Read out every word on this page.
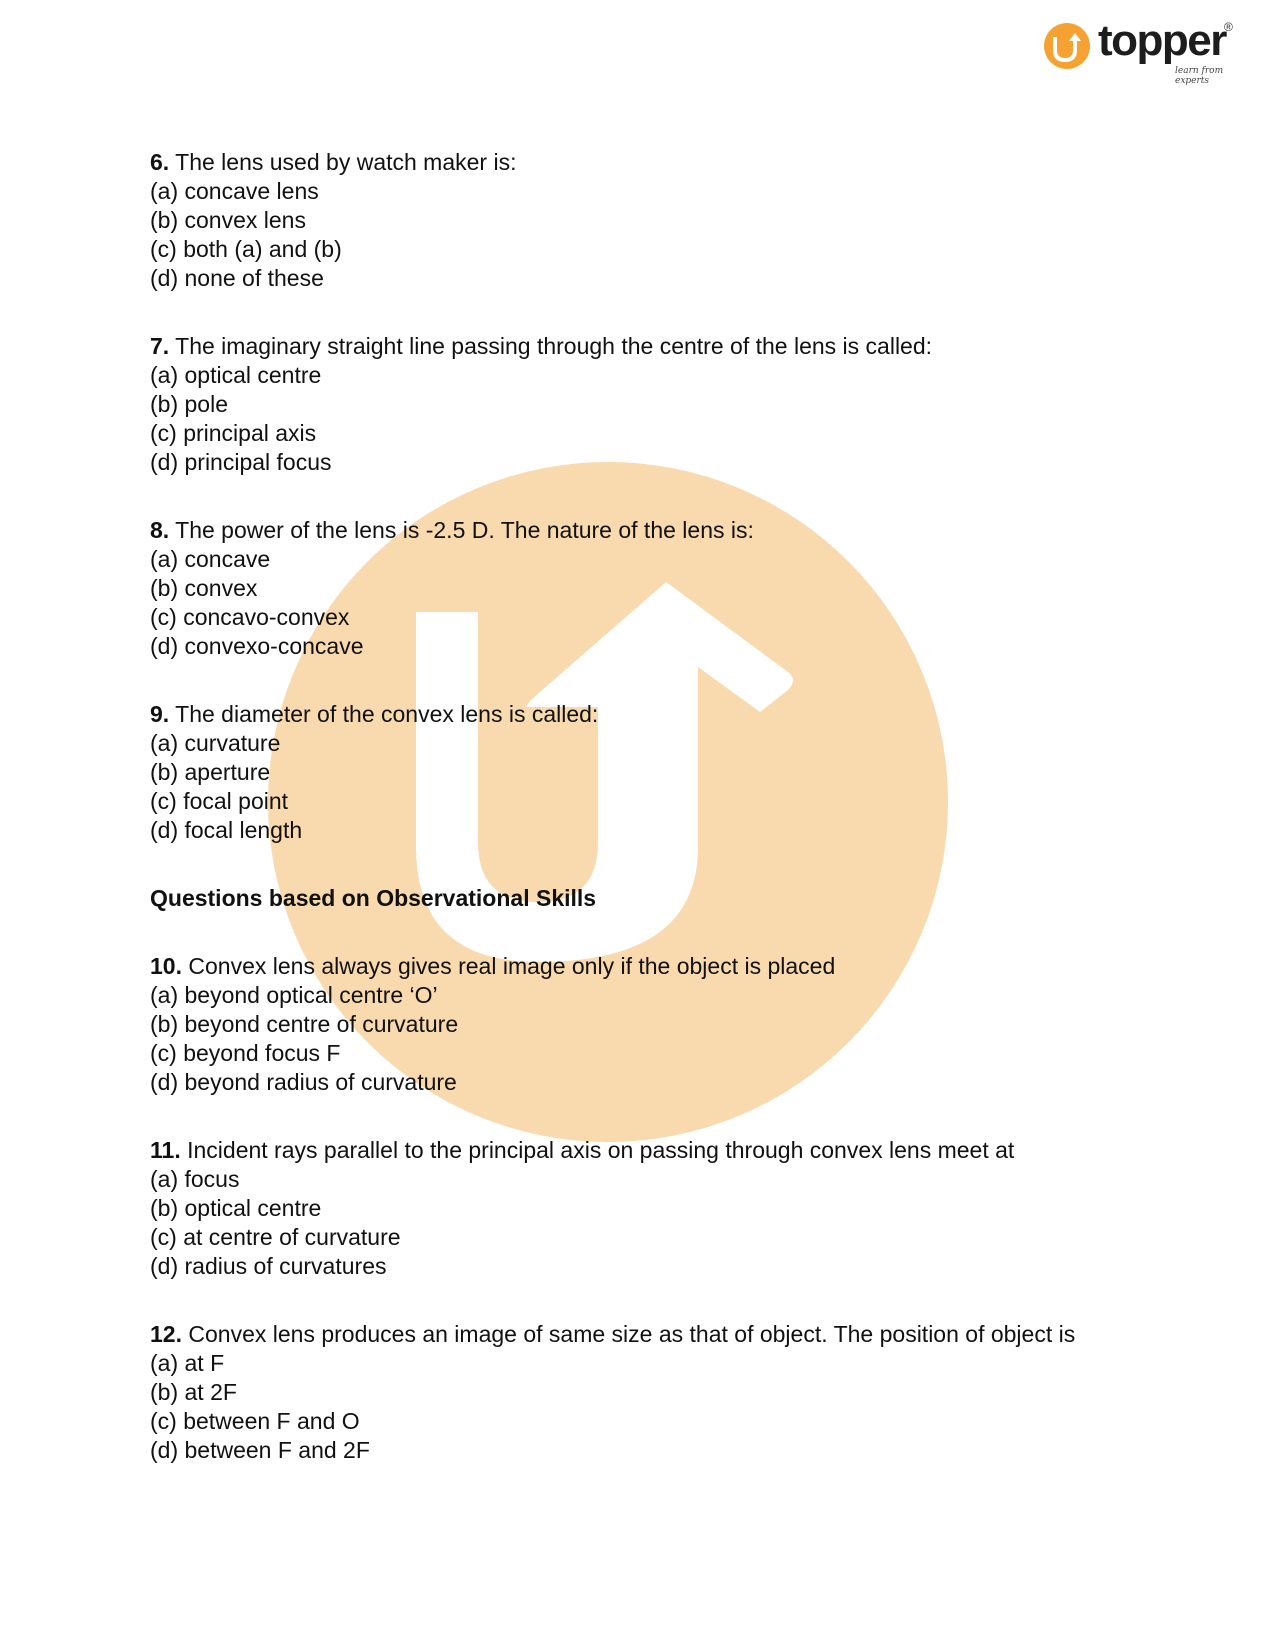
topper
®
learn from experts

6. The lens used by watch maker is:

(a) concave lens

(b) convex lens

(c) both (a) and (b)

(d) none of these

7. The imaginary straight line passing through the centre of the lens is called:

(a) optical centre

(b) pole

(c) principal axis

(d) principal focus

8. The power of the lens is -2.5 D. The nature of the lens is:

(a) concave

(b) convex

(c) concavo-convex

(d) convexo-concave

9. The diameter of the convex lens is called:

(a) curvature

(b) aperture

(c) focal point

(d) focal length

Questions based on Observational Skills

10. Convex lens always gives real image only if the object is placed

(a) beyond optical centre ‘O’

(b) beyond centre of curvature

(c) beyond focus F

(d) beyond radius of curvature

11. Incident rays parallel to the principal axis on passing through convex lens meet at

(a) focus

(b) optical centre

(c) at centre of curvature

(d) radius of curvatures

12. Convex lens produces an image of same size as that of object. The position of object is

(a) at F

(b) at 2F

(c) between F and O

(d) between F and 2F
